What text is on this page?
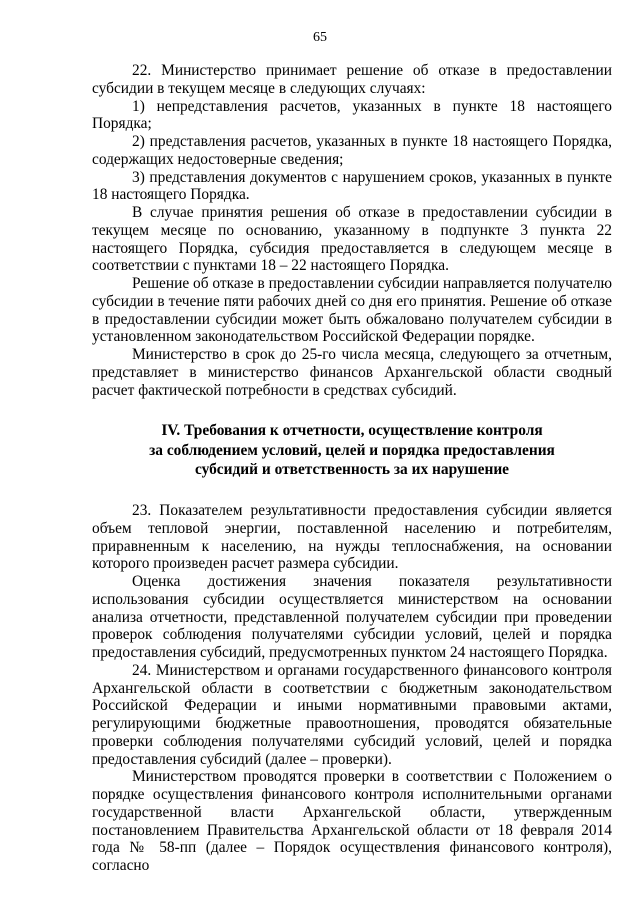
65

22. Министерство принимает решение об отказе в предоставлении субсидии в текущем месяце в следующих случаях:

1) непредставления расчетов, указанных в пункте 18 настоящего Порядка;

2) представления расчетов, указанных в пункте 18 настоящего Порядка, содержащих недостоверные сведения;

3) представления документов с нарушением сроков, указанных в пункте 18 настоящего Порядка.

В случае принятия решения об отказе в предоставлении субсидии в текущем месяце по основанию, указанному в подпункте 3 пункта 22 настоящего Порядка, субсидия предоставляется в следующем месяце в соответствии с пунктами 18 – 22 настоящего Порядка.

Решение об отказе в предоставлении субсидии направляется получателю субсидии в течение пяти рабочих дней со дня его принятия. Решение об отказе в предоставлении субсидии может быть обжаловано получателем субсидии в установленном законодательством Российской Федерации порядке.

Министерство в срок до 25-го числа месяца, следующего за отчетным, представляет в министерство финансов Архангельской области сводный расчет фактической потребности в средствах субсидий.

IV. Требования к отчетности, осуществление контроля

за соблюдением условий, целей и порядка предоставления

субсидий и ответственность за их нарушение

23. Показателем результативности предоставления субсидии является объем тепловой энергии, поставленной населению и потребителям, приравненным к населению, на нужды теплоснабжения, на основании которого произведен расчет размера субсидии.

Оценка достижения значения показателя результативности использования субсидии осуществляется министерством на основании анализа отчетности, представленной получателем субсидии при проведении проверок соблюдения получателями субсидии условий, целей и порядка предоставления субсидий, предусмотренных пунктом 24 настоящего Порядка.

24. Министерством и органами государственного финансового контроля Архангельской области в соответствии с бюджетным законодательством Российской Федерации и иными нормативными правовыми актами, регулирующими бюджетные правоотношения, проводятся обязательные проверки соблюдения получателями субсидий условий, целей и порядка предоставления субсидий (далее – проверки).

Министерством проводятся проверки в соответствии с Положением о порядке осуществления финансового контроля исполнительными органами государственной власти Архангельской области, утвержденным постановлением Правительства Архангельской области от 18 февраля 2014 года № 58-пп (далее – Порядок осуществления финансового контроля), согласно
